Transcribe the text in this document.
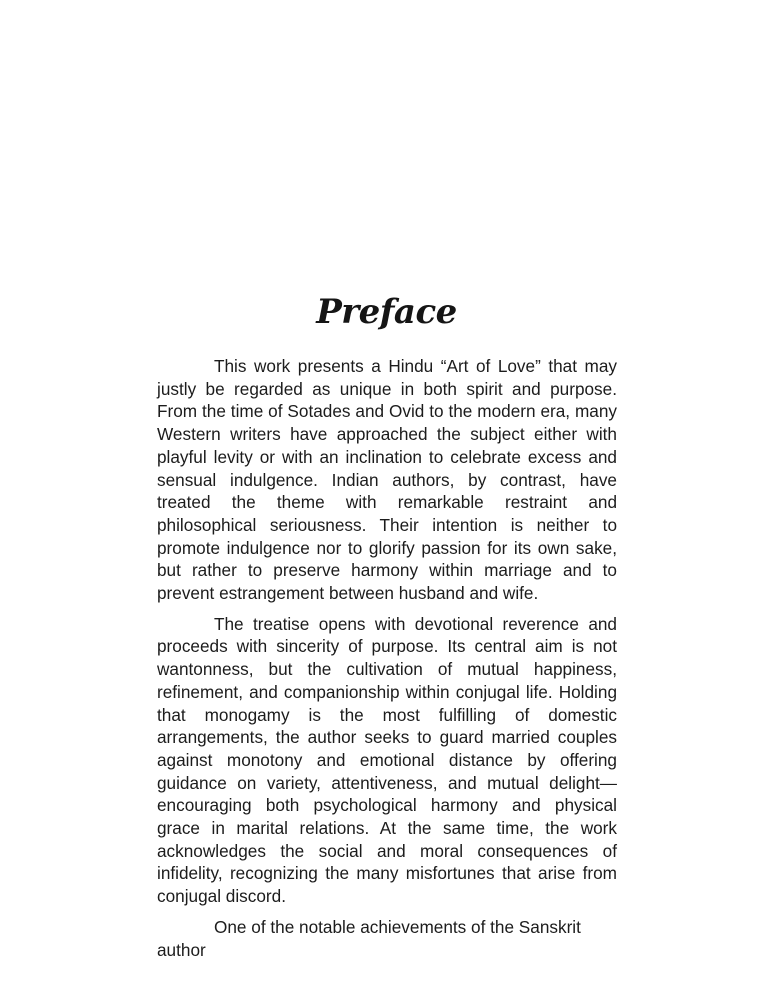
Preface

This work presents a Hindu “Art of Love” that may justly be regarded as unique in both spirit and purpose. From the time of Sotades and Ovid to the modern era, many Western writers have approached the subject either with playful levity or with an inclination to celebrate excess and sensual indulgence. Indian authors, by contrast, have treated the theme with remarkable restraint and philosophical seriousness. Their intention is neither to promote indulgence nor to glorify passion for its own sake, but rather to preserve harmony within marriage and to prevent estrangement between husband and wife.

The treatise opens with devotional reverence and proceeds with sincerity of purpose. Its central aim is not wantonness, but the cultivation of mutual happiness, refinement, and companionship within conjugal life. Holding that monogamy is the most fulfilling of domestic arrangements, the author seeks to guard married couples against monotony and emotional distance by offering guidance on variety, attentiveness, and mutual delight—encouraging both psychological harmony and physical grace in marital relations. At the same time, the work acknowledges the social and moral consequences of infidelity, recognizing the many misfortunes that arise from conjugal discord.

One of the notable achievements of the Sanskrit author
